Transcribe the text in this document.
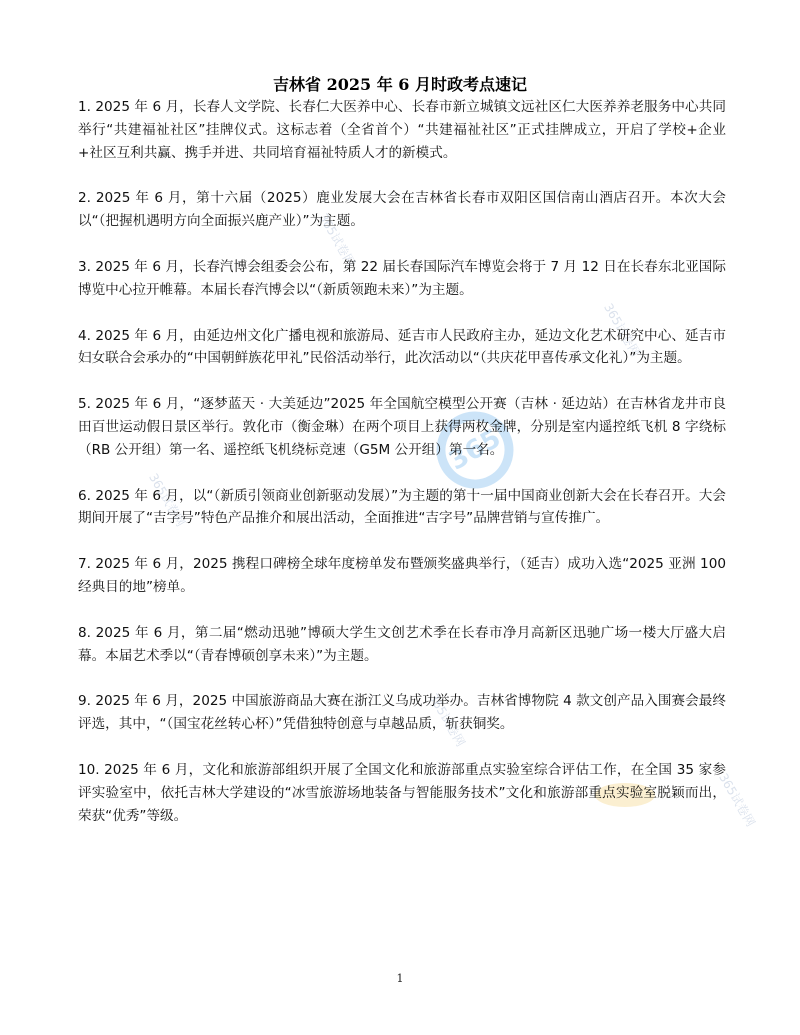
365
365试卷网
365试卷网
365试卷网
365试卷网
365试卷网
吉林省 2025 年 6 月时政考点速记

1. 2025 年 6 月，长春人文学院、长春仁大医养中心、长春市新立城镇文远社区仁大医养养老服务中心共同举行“共建福祉社区”挂牌仪式。这标志着（全省首个）“共建福祉社区”正式挂牌成立，开启了学校+企业+社区互利共赢、携手并进、共同培育福祉特质人才的新模式。

2. 2025 年 6 月，第十六届（2025）鹿业发展大会在吉林省长春市双阳区国信南山酒店召开。本次大会以“（把握机遇明方向全面振兴鹿产业）”为主题。

3. 2025 年 6 月，长春汽博会组委会公布，第 22 届长春国际汽车博览会将于 7 月 12 日在长春东北亚国际博览中心拉开帷幕。本届长春汽博会以“（新质领跑未来）”为主题。

4. 2025 年 6 月，由延边州文化广播电视和旅游局、延吉市人民政府主办，延边文化艺术研究中心、延吉市妇女联合会承办的“中国朝鲜族花甲礼”民俗活动举行，此次活动以“（共庆花甲喜传承文化礼）”为主题。

5. 2025 年 6 月，“逐梦蓝天 · 大美延边”2025 年全国航空模型公开赛（吉林 · 延边站）在吉林省龙井市良田百世运动假日景区举行。敦化市（衡金琳）在两个项目上获得两枚金牌，分别是室内遥控纸飞机 8 字绕标（RB 公开组）第一名、遥控纸飞机绕标竞速（G5M 公开组）第一名。

6. 2025 年 6 月，以“（新质引领商业创新驱动发展）”为主题的第十一届中国商业创新大会在长春召开。大会期间开展了“吉字号”特色产品推介和展出活动，全面推进“吉字号”品牌营销与宣传推广。

7. 2025 年 6 月，2025 携程口碑榜全球年度榜单发布暨颁奖盛典举行，（延吉）成功入选“2025 亚洲 100 经典目的地”榜单。

8. 2025 年 6 月，第二届“燃动迅驰”博硕大学生文创艺术季在长春市净月高新区迅驰广场一楼大厅盛大启幕。本届艺术季以“（青春博硕创享未来）”为主题。

9. 2025 年 6 月，2025 中国旅游商品大赛在浙江义乌成功举办。吉林省博物院 4 款文创产品入围赛会最终评选，其中，“（国宝花丝转心杯）”凭借独特创意与卓越品质，斩获铜奖。

10. 2025 年 6 月，文化和旅游部组织开展了全国文化和旅游部重点实验室综合评估工作，在全国 35 家参评实验室中，依托吉林大学建设的“冰雪旅游场地装备与智能服务技术”文化和旅游部重点实验室脱颖而出，荣获“优秀”等级。

1
